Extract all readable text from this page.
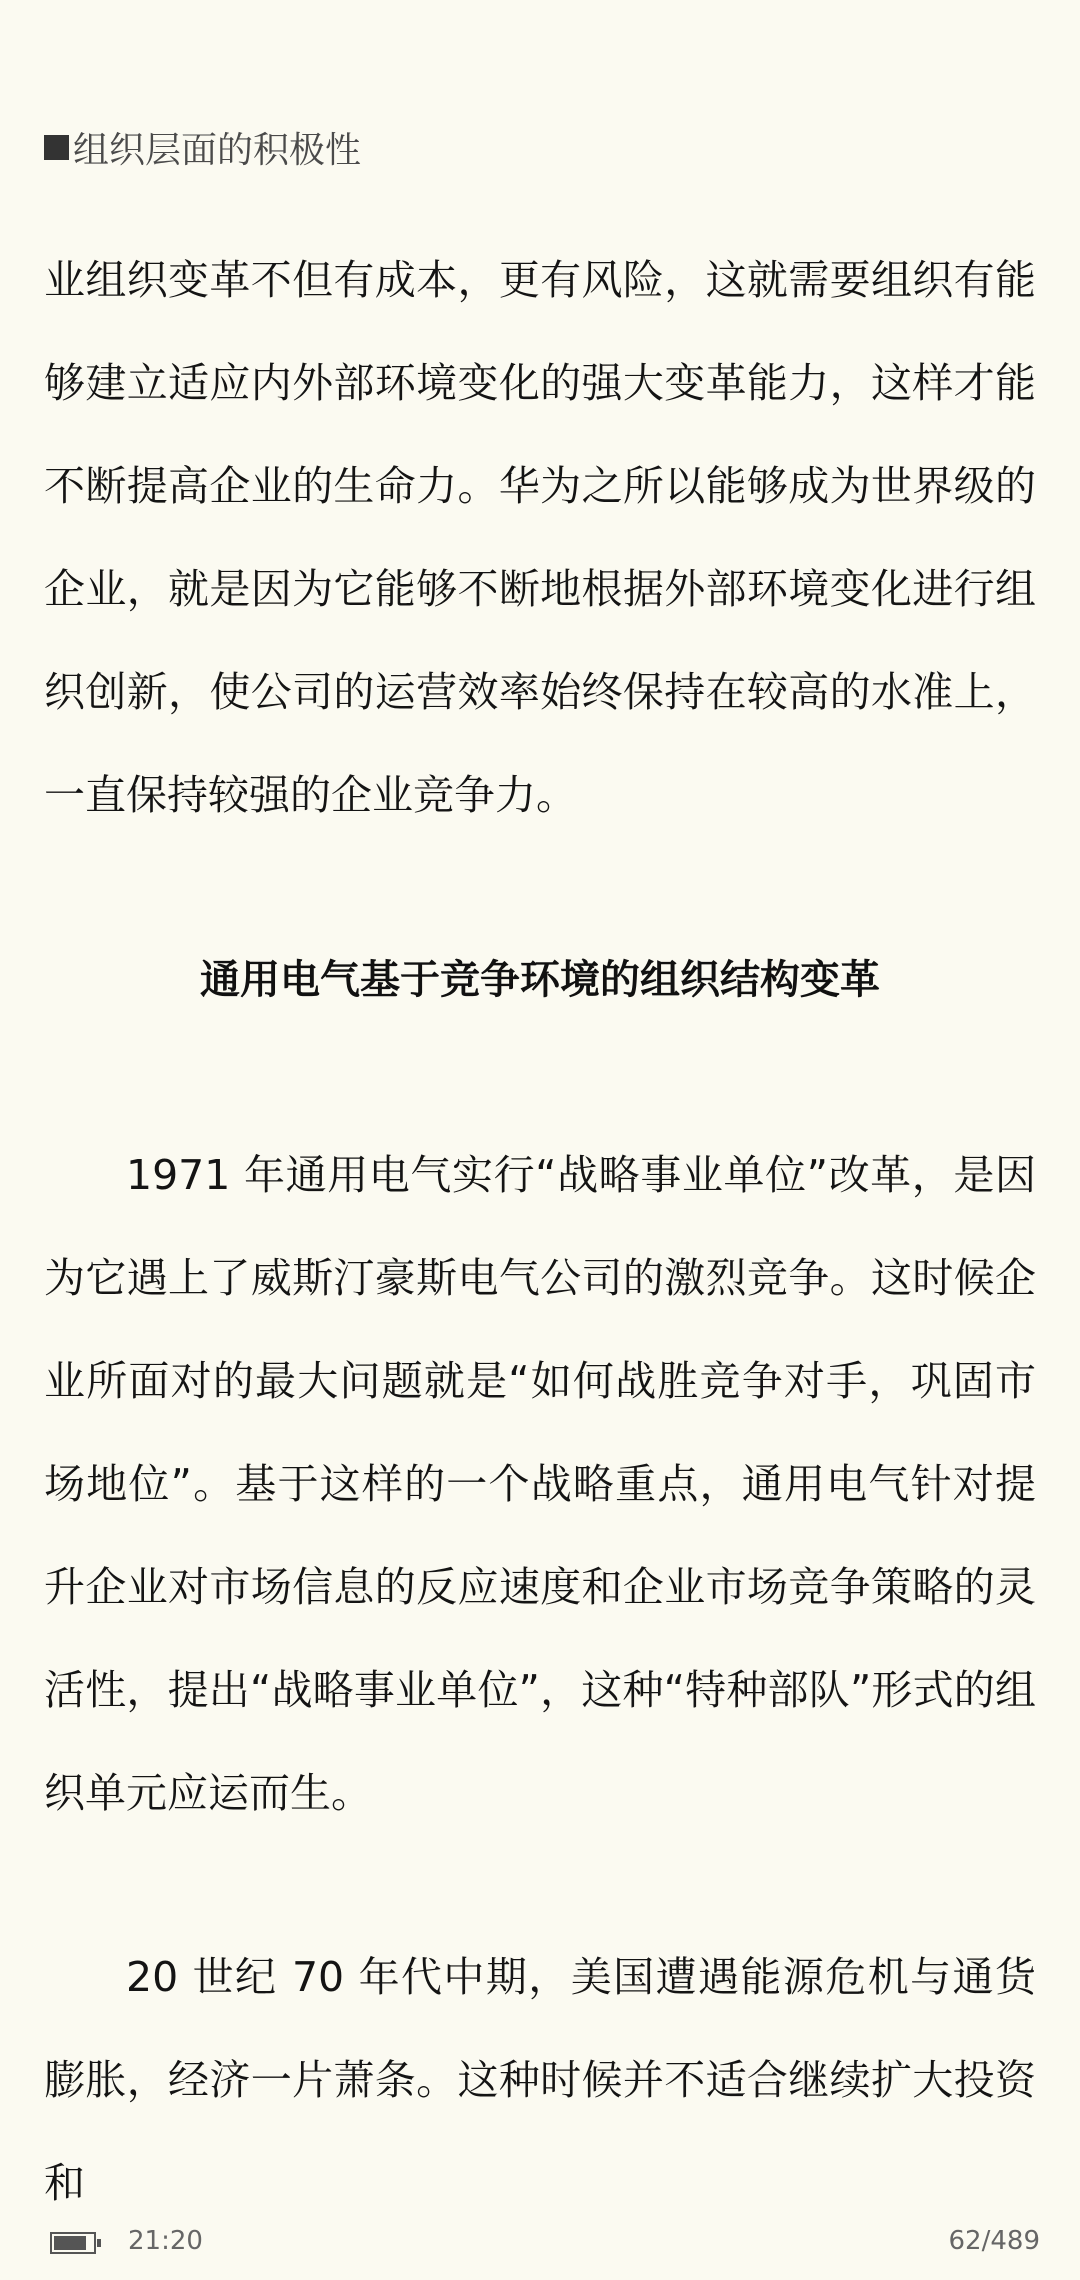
组织层面的积极性

业组织变革不但有成本，更有风险，这就需要组织有能够建立适应内外部环境变化的强大变革能力，这样才能不断提高企业的生命力。华为之所以能够成为世界级的企业，就是因为它能够不断地根据外部环境变化进行组织创新，使公司的运营效率始终保持在较高的水准上，一直保持较强的企业竞争力。

通用电气基于竞争环境的组织结构变革

1971 年通用电气实行“战略事业单位”改革，是因为它遇上了威斯汀豪斯电气公司的激烈竞争。这时候企业所面对的最大问题就是“如何战胜竞争对手，巩固市场地位”。基于这样的一个战略重点，通用电气针对提升企业对市场信息的反应速度和企业市场竞争策略的灵活性，提出“战略事业单位”，这种“特种部队”形式的组织单元应运而生。

20 世纪 70 年代中期，美国遭遇能源危机与通货膨胀，经济一片萧条。这种时候并不适合继续扩大投资和

21:20	62/489
